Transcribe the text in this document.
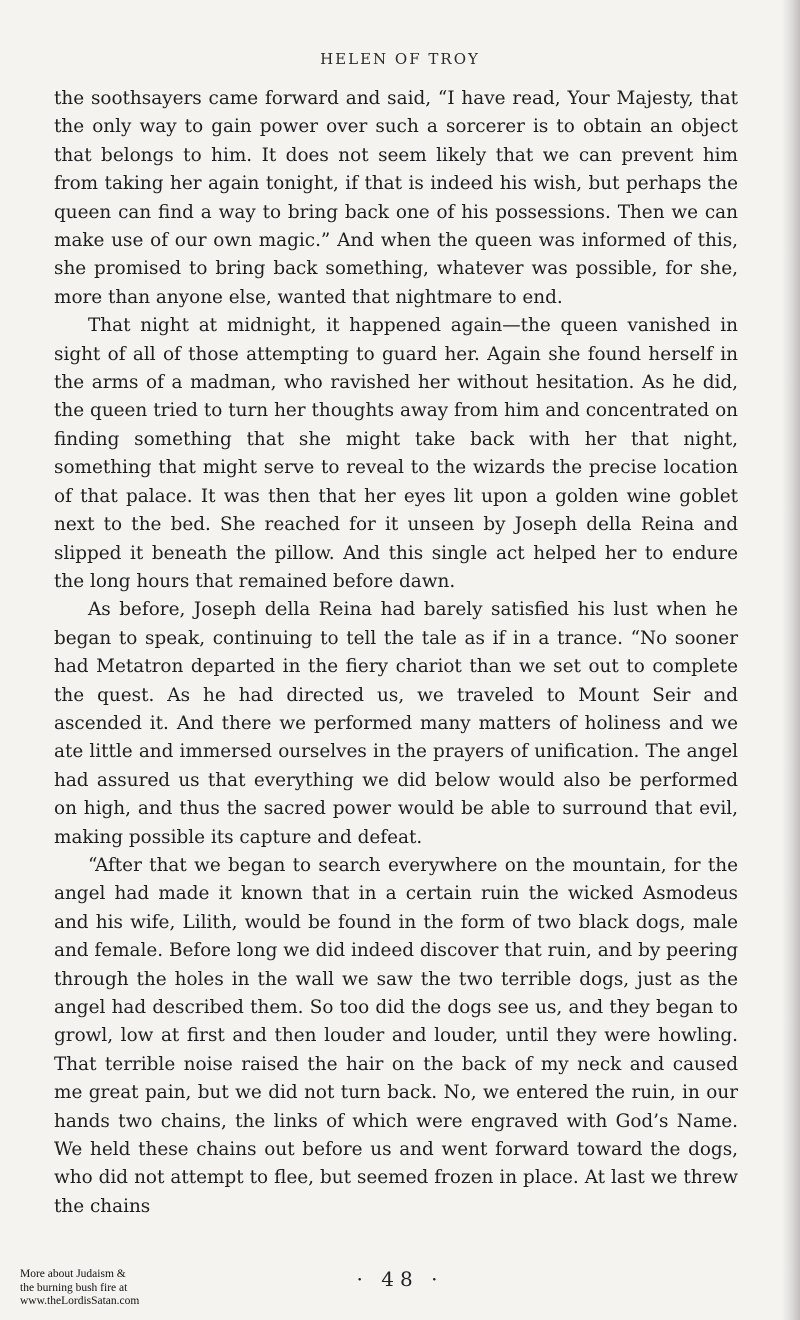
HELEN OF TROY

the soothsayers came forward and said, “I have read, Your Majesty, that the only way to gain power over such a sorcerer is to obtain an object that belongs to him. It does not seem likely that we can prevent him from taking her again tonight, if that is indeed his wish, but perhaps the queen can find a way to bring back one of his possessions. Then we can make use of our own magic.” And when the queen was informed of this, she promised to bring back something, whatever was possible, for she, more than anyone else, wanted that nightmare to end.

That night at midnight, it happened again—the queen vanished in sight of all of those attempting to guard her. Again she found herself in the arms of a madman, who ravished her without hesitation. As he did, the queen tried to turn her thoughts away from him and concentrated on finding something that she might take back with her that night, something that might serve to reveal to the wizards the precise location of that palace. It was then that her eyes lit upon a golden wine goblet next to the bed. She reached for it unseen by Joseph della Reina and slipped it beneath the pillow. And this single act helped her to endure the long hours that remained before dawn.

As before, Joseph della Reina had barely satisfied his lust when he began to speak, continuing to tell the tale as if in a trance. “No sooner had Metatron departed in the fiery chariot than we set out to complete the quest. As he had directed us, we traveled to Mount Seir and ascended it. And there we performed many matters of holiness and we ate little and immersed ourselves in the prayers of unification. The angel had assured us that everything we did below would also be performed on high, and thus the sacred power would be able to surround that evil, making possible its capture and defeat.

“After that we began to search everywhere on the mountain, for the angel had made it known that in a certain ruin the wicked Asmodeus and his wife, Lilith, would be found in the form of two black dogs, male and female. Before long we did indeed discover that ruin, and by peering through the holes in the wall we saw the two terrible dogs, just as the angel had described them. So too did the dogs see us, and they began to growl, low at first and then louder and louder, until they were howling. That terrible noise raised the hair on the back of my neck and caused me great pain, but we did not turn back. No, we entered the ruin, in our hands two chains, the links of which were engraved with God’s Name. We held these chains out before us and went forward toward the dogs, who did not attempt to flee, but seemed frozen in place. At last we threw the chains

· 48 ·
More about Judaism &
the burning bush fire at
www.theLordisSatan.com
